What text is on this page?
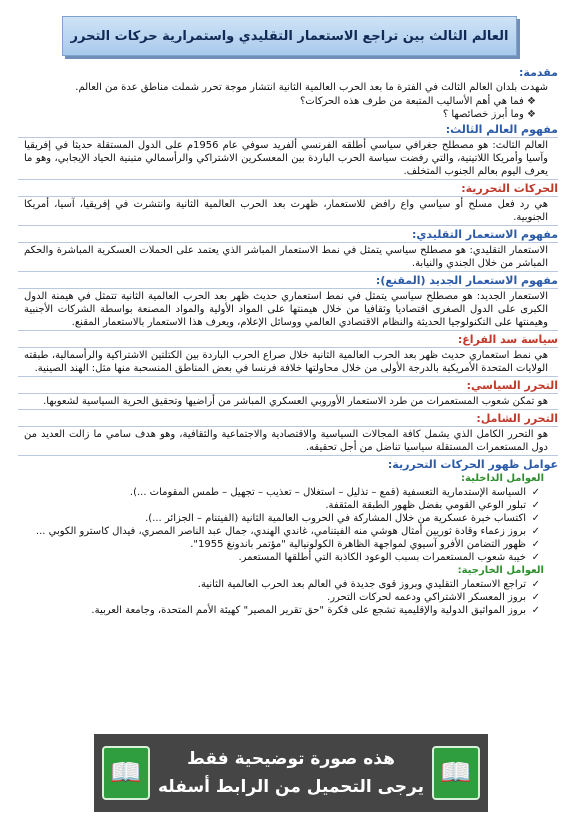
العالم الثالث بين تراجع الاستعمار التقليدي واستمرارية حركات التحرر
مقدمة:
شهدت بلدان العالم الثالث في الفترة ما بعد الحرب العالمية الثانية انتشار موجة تحرر شملت مناطق عدة من العالم.
❖ فما هي أهم الأساليب المتبعة من طرف هذه الحركات؟
❖ وما أبرز خصائصها ؟
مفهوم العالم الثالث:
العالم الثالث: هو مصطلح جغرافي سياسي أطلقه الفرنسي ألفريد سوفي عام 1956م على الدول المستقلة حديثا في إفريقيا وآسيا وأمريكا اللاتينية، والتي رفضت سياسة الحرب الباردة بين المعسكرين الاشتراكي والرأسمالي متبنية الحياد الإيجابي، وهو ما يعرف اليوم بعالم الجنوب المتخلف.
الحركات التحررية:
هي رد فعل مسلح أو سياسي واع رافض للاستعمار، ظهرت بعد الحرب العالمية الثانية وانتشرت في إفريقيا، آسيا، أمريكا الجنوبية.
مفهوم الاستعمار التقليدي:
الاستعمار التقليدي: هو مصطلح سياسي يتمثل في نمط الاستعمار المباشر الذي يعتمد على الحملات العسكرية المباشرة والحكم المباشر من خلال الجندي والنيابة.
مفهوم الاستعمار الجديد (المقنع):
الاستعمار الجديد: هو مصطلح سياسي يتمثل في نمط استعماري حديث ظهر بعد الحرب العالمية الثانية تتمثل في هيمنة الدول الكبرى على الدول الصغرى اقتصاديا وثقافيا من خلال هيمنتها على المواد الأولية والمواد المصنعة بواسطة الشركات الأجنبية وهيمنتها على التكنولوجيا الحديثة والنظام الاقتصادي العالمي ووسائل الإعلام، ويعرف هذا الاستعمار بالاستعمار المقنع.
سياسة سد الفراغ:
هي نمط استعماري حديث ظهر بعد الحرب العالمية الثانية خلال صراع الحرب الباردة بين الكتلتين الاشتراكية والرأسمالية، طبقته الولايات المتحدة الأمريكية بالدرجة الأولى من خلال محاولتها خلافة فرنسا في بعض المناطق المنسحبة منها مثل: الهند الصينية.
التحرر السياسي:
هو تمكن شعوب المستعمرات من طرد الاستعمار الأوروبي العسكري المباشر من أراضيها وتحقيق الحرية السياسية لشعوبها.
التحرر الشامل:
هو التحرر الكامل الذي يشمل كافة المجالات السياسية والاقتصادية والاجتماعية والثقافية، وهو هدف سامي ما زالت العديد من دول المستعمرات المستقلة سياسيا تناضل من أجل تحقيقه.
عوامل ظهور الحركات التحررية:
العوامل الداخلية:
✓ السياسة الإستدمارية التعسفية (قمع – تذليل – استغلال – تعذيب – تجهيل – طمس المقومات ...).
✓ تبلور الوعي القومي بفضل ظهور الطبقة المثقفة.
✓ اكتساب خبرة عسكرية من خلال المشاركة في الحروب العالمية الثانية (الفيتنام – الجزائر ...).
✓ بروز زعماء وقادة ثوريين أمثال هوشي منه الفيتنامي، غاندي الهندي، جمال عبد الناصر المصري، فيدال كاسترو الكوبي ...
✓ ظهور التضامن الأفرو آسيوي لمواجهة الظاهرة الكولونيالية "مؤتمر باندونغ 1955".
✓ خيبة شعوب المستعمرات بسبب الوعود الكاذبة التي أطلقها المستعمر.
العوامل الخارجية:
✓ تراجع الاستعمار التقليدي وبروز قوى جديدة في العالم بعد الحرب العالمية الثانية.
✓ بروز المعسكر الاشتراكي ودعمه لحركات التحرر.
✓ بروز المواثيق الدولية والإقليمية تشجع على فكرة "حق تقرير المصير" كهيئة الأمم المتحدة، وجامعة العربية.
📖	📖
هذه صورة توضيحية فقط
يرجى التحميل من الرابط أسفله
